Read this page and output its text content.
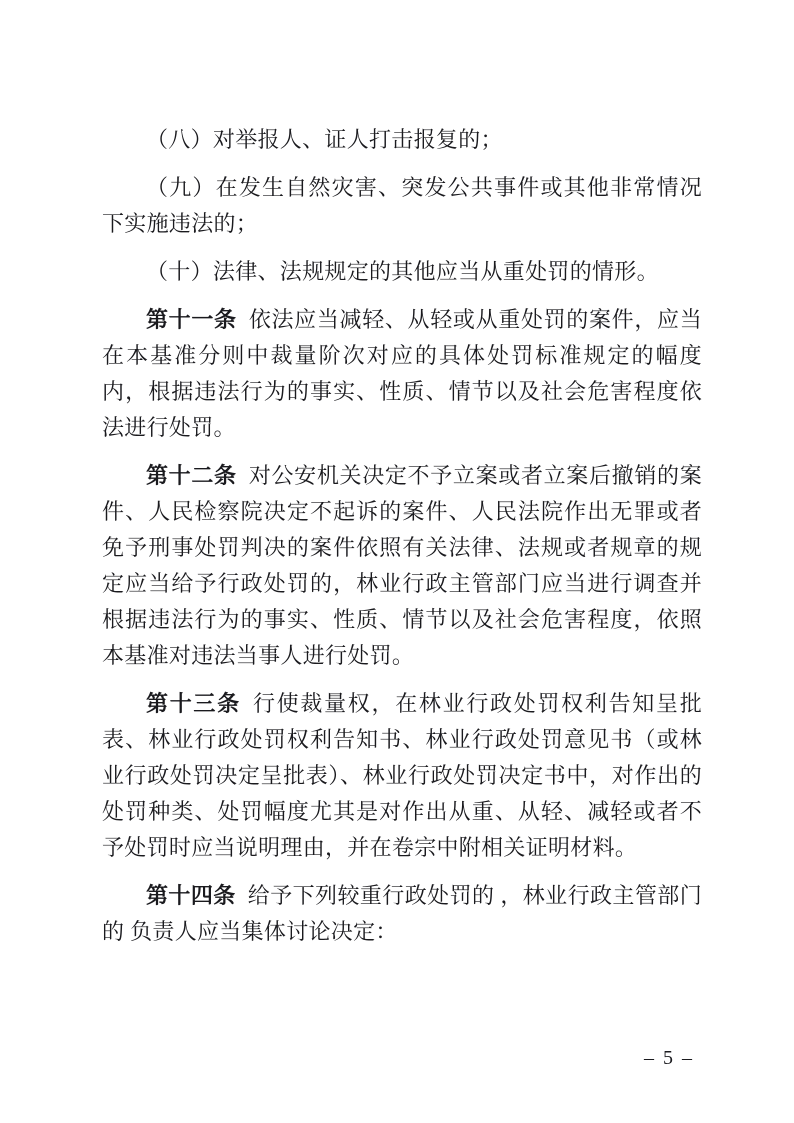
（八）对举报人、证人打击报复的；

（九）在发生自然灾害、突发公共事件或其他非常情况下实施违法的；

（十）法律、法规规定的其他应当从重处罚的情形。

第十一条 依法应当减轻、从轻或从重处罚的案件，应当在本基准分则中裁量阶次对应的具体处罚标准规定的幅度内，根据违法行为的事实、性质、情节以及社会危害程度依法进行处罚。

第十二条 对公安机关决定不予立案或者立案后撤销的案件、人民检察院决定不起诉的案件、人民法院作出无罪或者免予刑事处罚判决的案件依照有关法律、法规或者规章的规定应当给予行政处罚的，林业行政主管部门应当进行调查并根据违法行为的事实、性质、情节以及社会危害程度，依照本基准对违法当事人进行处罚。

第十三条 行使裁量权，在林业行政处罚权利告知呈批表、林业行政处罚权利告知书、林业行政处罚意见书（或林业行政处罚决定呈批表）、林业行政处罚决定书中，对作出的处罚种类、处罚幅度尤其是对作出从重、从轻、减轻或者不予处罚时应当说明理由，并在卷宗中附相关证明材料。

第十四条 给予下列较重行政处罚的 ，林业行政主管部门的 负责人应当集体讨论决定：

– 5 –
